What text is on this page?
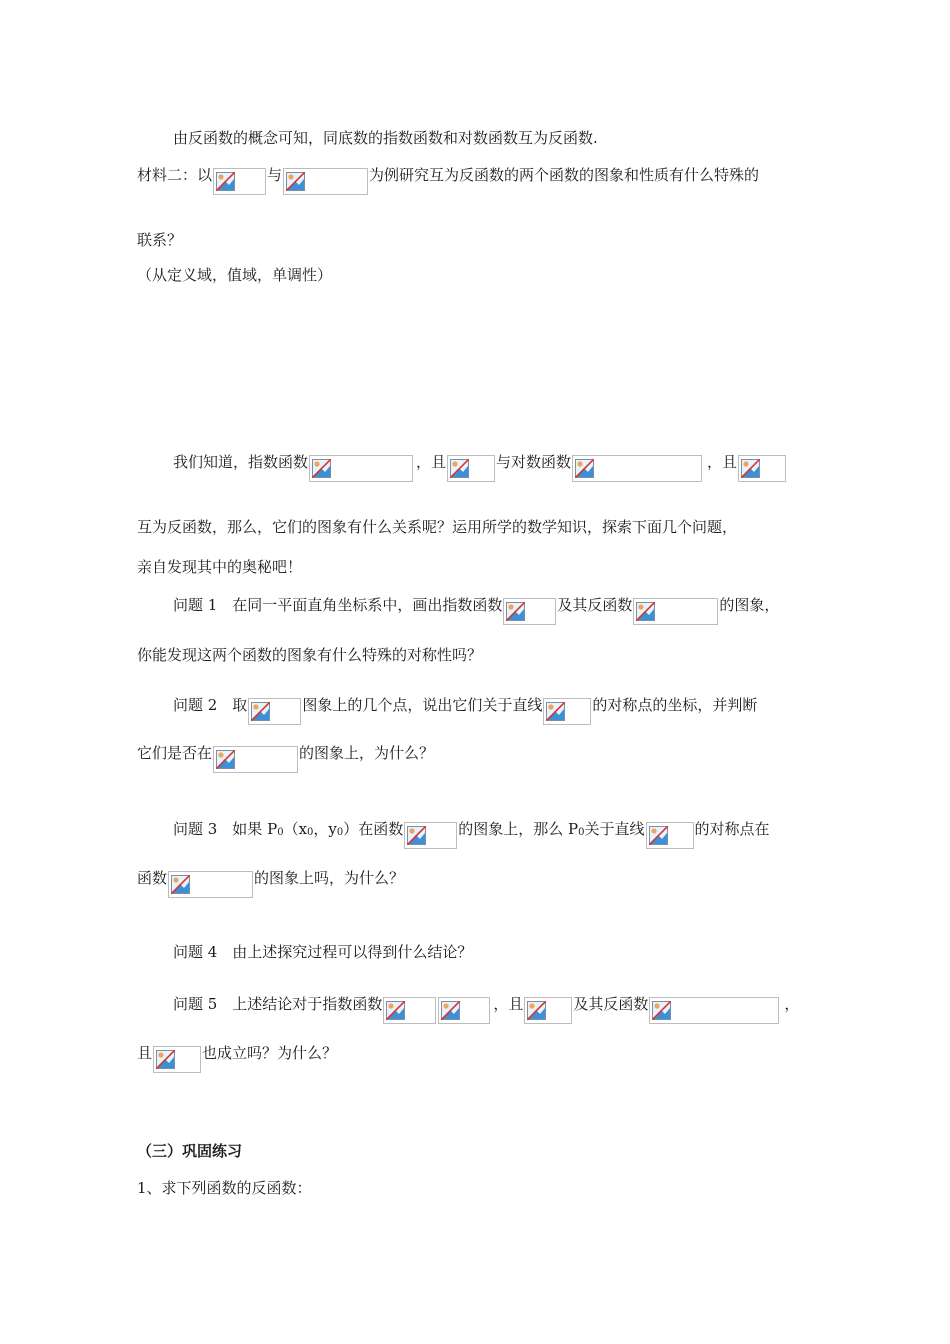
由反函数的概念可知，同底数的指数函数和对数函数互为反函数.
材料二：以	与	为例研究互为反函数的两个函数的图象和性质有什么特殊的
联系？
（从定义域，值域，单调性）
我们知道，指数函数	，且	与对数函数	，且
互为反函数，那么，它们的图象有什么关系呢？运用所学的数学知识，探索下面几个问题，
亲自发现其中的奥秘吧！
问题 1　在同一平面直角坐标系中，画出指数函数	及其反函数	的图象，
你能发现这两个函数的图象有什么特殊的对称性吗？
问题 2　取	图象上的几个点，说出它们关于直线	的对称点的坐标，并判断
它们是否在	的图象上，为什么？
问题 3　如果 P 0 （x 0 ，y 0 ）在函数	的图象上，那么 P 0 关于直线	的对称点在
函数	的图象上吗，为什么？
问题 4　由上述探究过程可以得到什么结论？
问题 5　上述结论对于指数函数	，且	及其反函数	，
且	也成立吗？为什么？
（三）巩固练习
1、求下列函数的反函数：
